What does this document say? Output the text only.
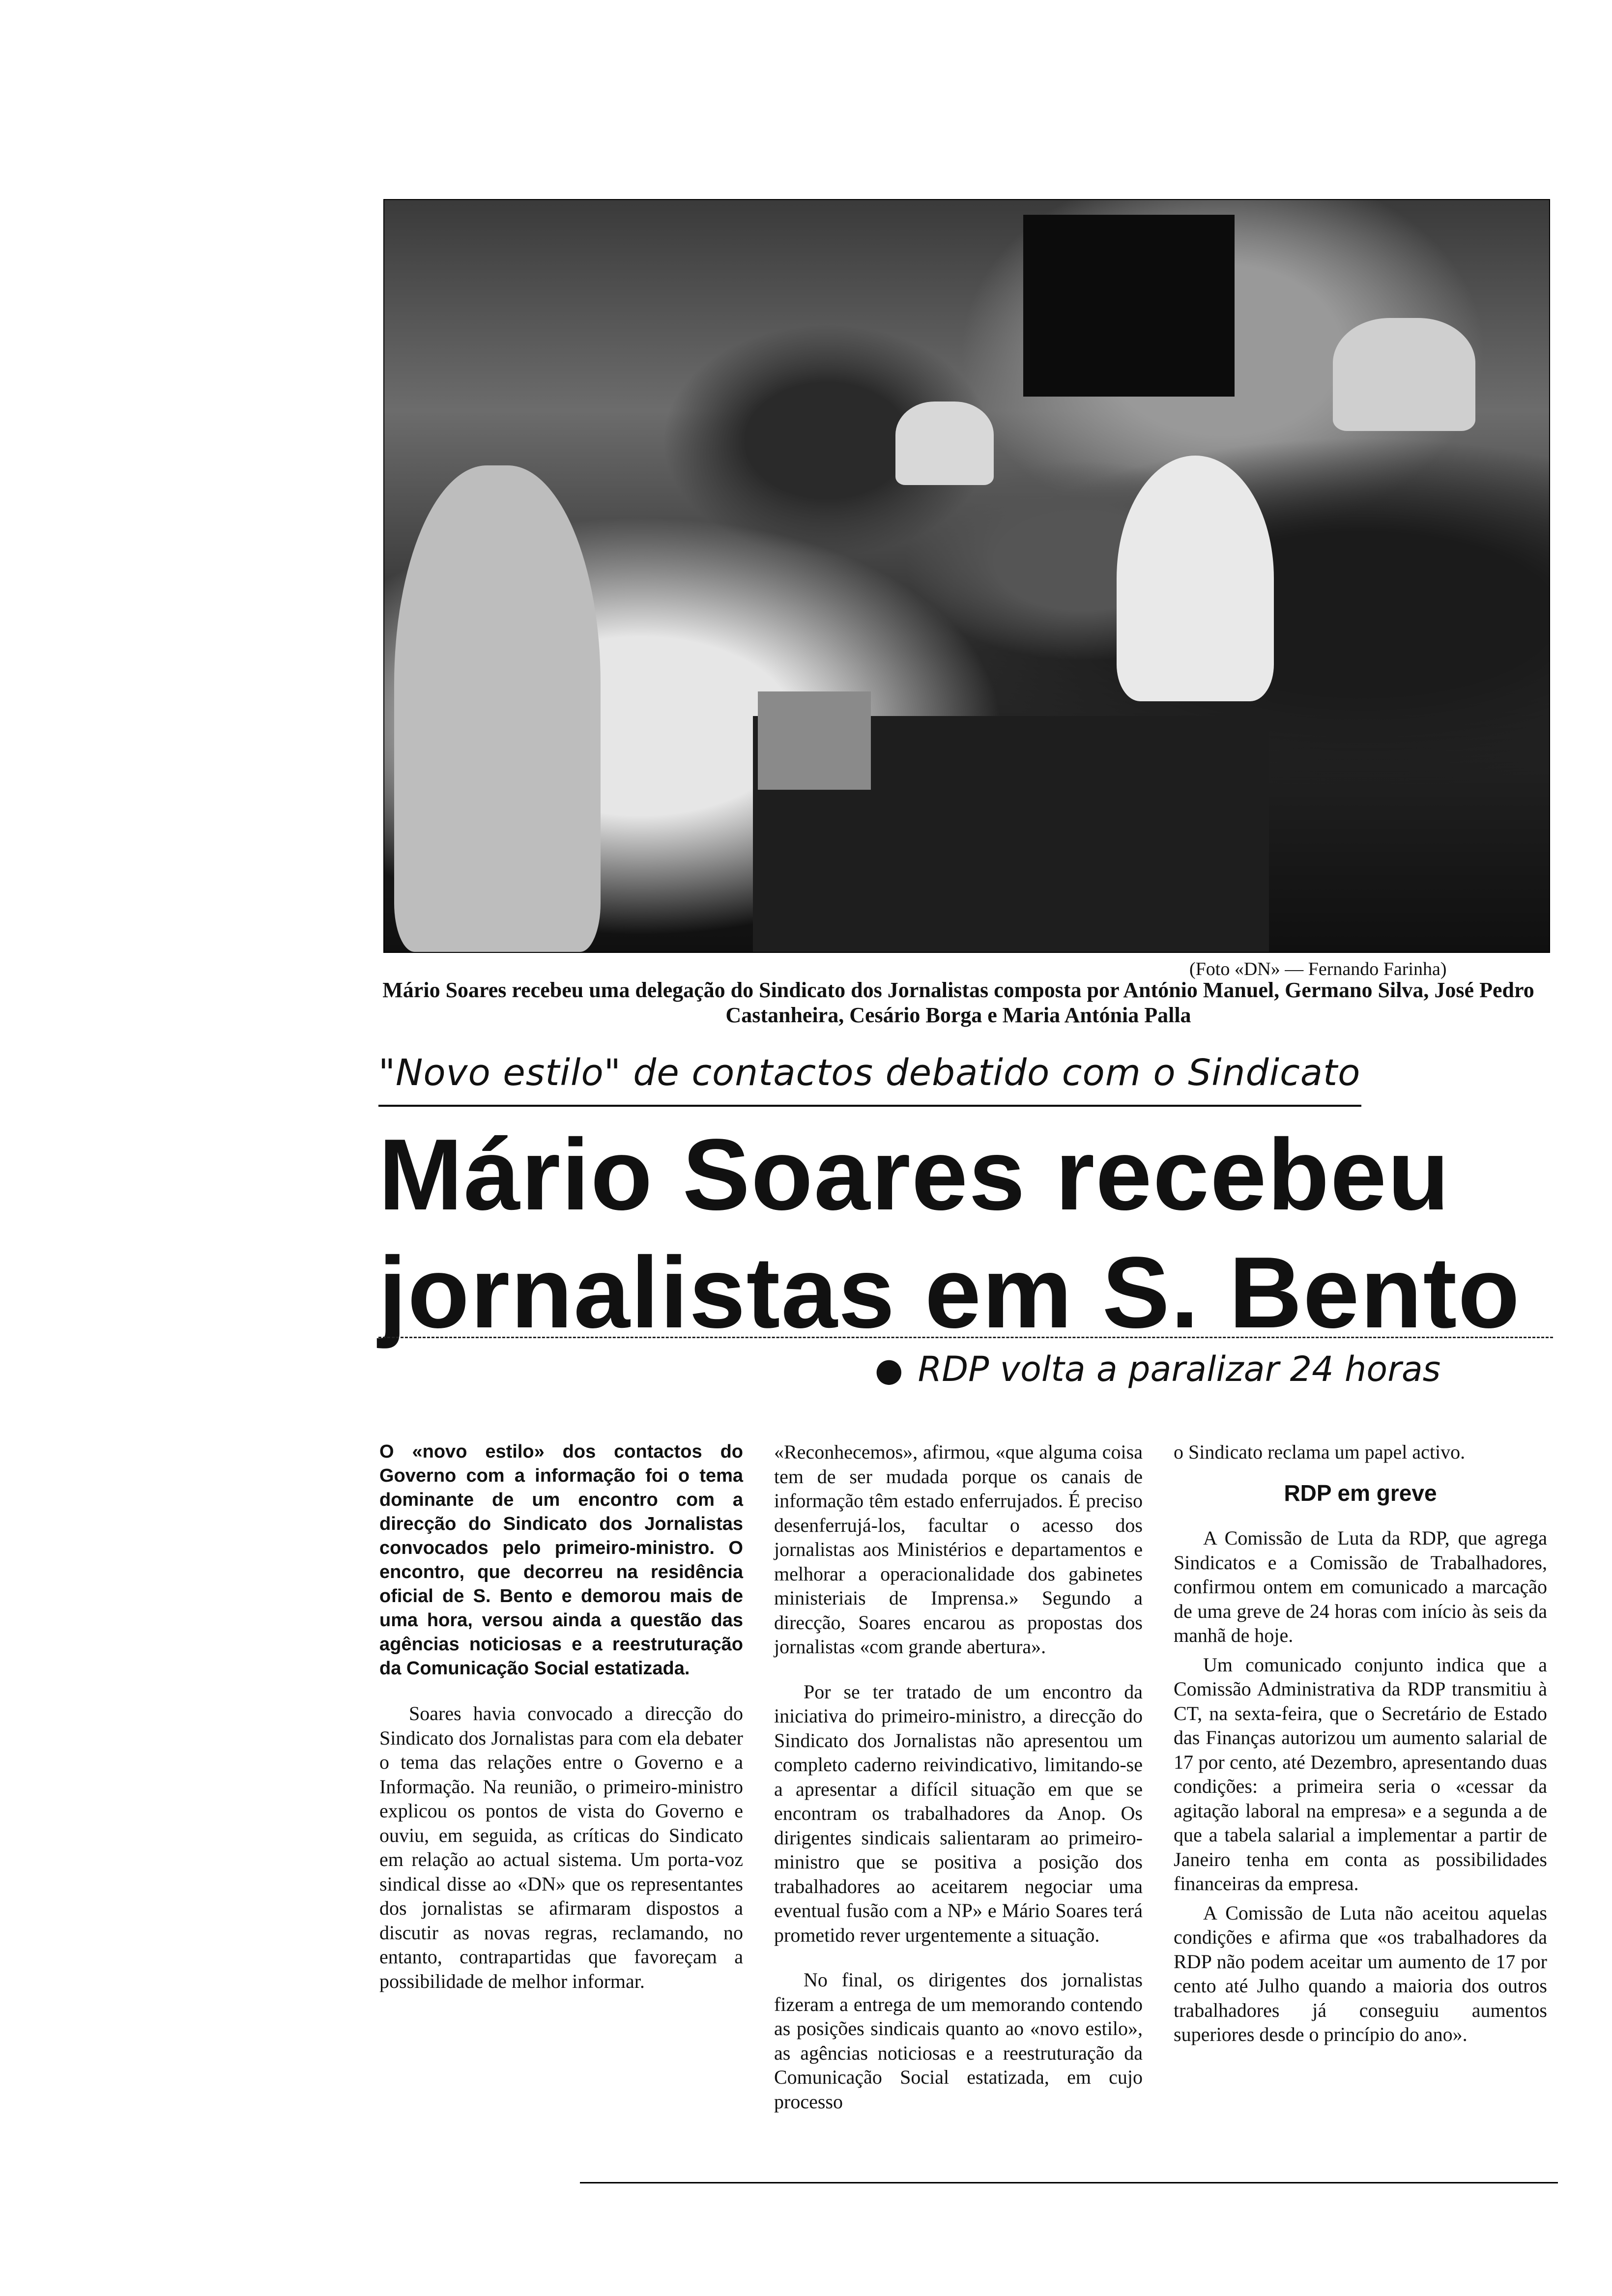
(Foto «DN» — Fernando Farinha)
Mário Soares recebeu uma delegação do Sindicato dos Jornalistas composta por António Manuel, Germano Silva, José Pedro Castanheira, Cesário Borga e Maria Antónia Palla
"Novo estilo" de contactos debatido com o Sindicato
Mário Soares recebeu
jornalistas em S. Bento
● RDP volta a paralizar 24 horas

O «novo estilo» dos contactos do Governo com a informação foi o tema dominante de um encontro com a direcção do Sindicato dos Jornalistas convocados pelo primeiro-ministro. O encontro, que decorreu na residência oficial de S. Bento e demorou mais de uma hora, versou ainda a questão das agências noticiosas e a reestruturação da Comunicação Social estatizada.

Soares havia convocado a direcção do Sindicato dos Jornalistas para com ela debater o tema das relações entre o Governo e a Informação. Na reunião, o primeiro-ministro explicou os pontos de vista do Governo e ouviu, em seguida, as críticas do Sindicato em relação ao actual sistema. Um porta-voz sindical disse ao «DN» que os representantes dos jornalistas se afirmaram dispostos a discutir as novas regras, reclamando, no entanto, contrapartidas que favoreçam a possibilidade de melhor informar.

«Reconhecemos», afirmou, «que alguma coisa tem de ser mudada porque os canais de informação têm estado enferrujados. É preciso desenferrujá-los, facultar o acesso dos jornalistas aos Ministérios e departamentos e melhorar a operacionalidade dos gabinetes ministeriais de Imprensa.» Segundo a direcção, Soares encarou as propostas dos jornalistas «com grande abertura».

Por se ter tratado de um encontro da iniciativa do primeiro-ministro, a direcção do Sindicato dos Jornalistas não apresentou um completo caderno reivindicativo, limitando-se a apresentar a difícil situação em que se encontram os trabalhadores da Anop. Os dirigentes sindicais salientaram ao primeiro-ministro que se positiva a posição dos trabalhadores ao aceitarem negociar uma eventual fusão com a NP» e Mário Soares terá prometido rever urgentemente a situação.

No final, os dirigentes dos jornalistas fizeram a entrega de um memorando contendo as posições sindicais quanto ao «novo estilo», as agências noticiosas e a reestruturação da Comunicação Social estatizada, em cujo processo

o Sindicato reclama um papel activo.

RDP em greve

A Comissão de Luta da RDP, que agrega Sindicatos e a Comissão de Trabalhadores, confirmou ontem em comunicado a marcação de uma greve de 24 horas com início às seis da manhã de hoje.

Um comunicado conjunto indica que a Comissão Administrativa da RDP transmitiu à CT, na sexta-feira, que o Secretário de Estado das Finanças autorizou um aumento salarial de 17 por cento, até Dezembro, apresentando duas condições: a primeira seria o «cessar da agitação laboral na empresa» e a segunda a de que a tabela salarial a implementar a partir de Janeiro tenha em conta as possibilidades financeiras da empresa.

A Comissão de Luta não aceitou aquelas condições e afirma que «os trabalhadores da RDP não podem aceitar um aumento de 17 por cento até Julho quando a maioria dos outros trabalhadores já conseguiu aumentos superiores desde o princípio do ano».
